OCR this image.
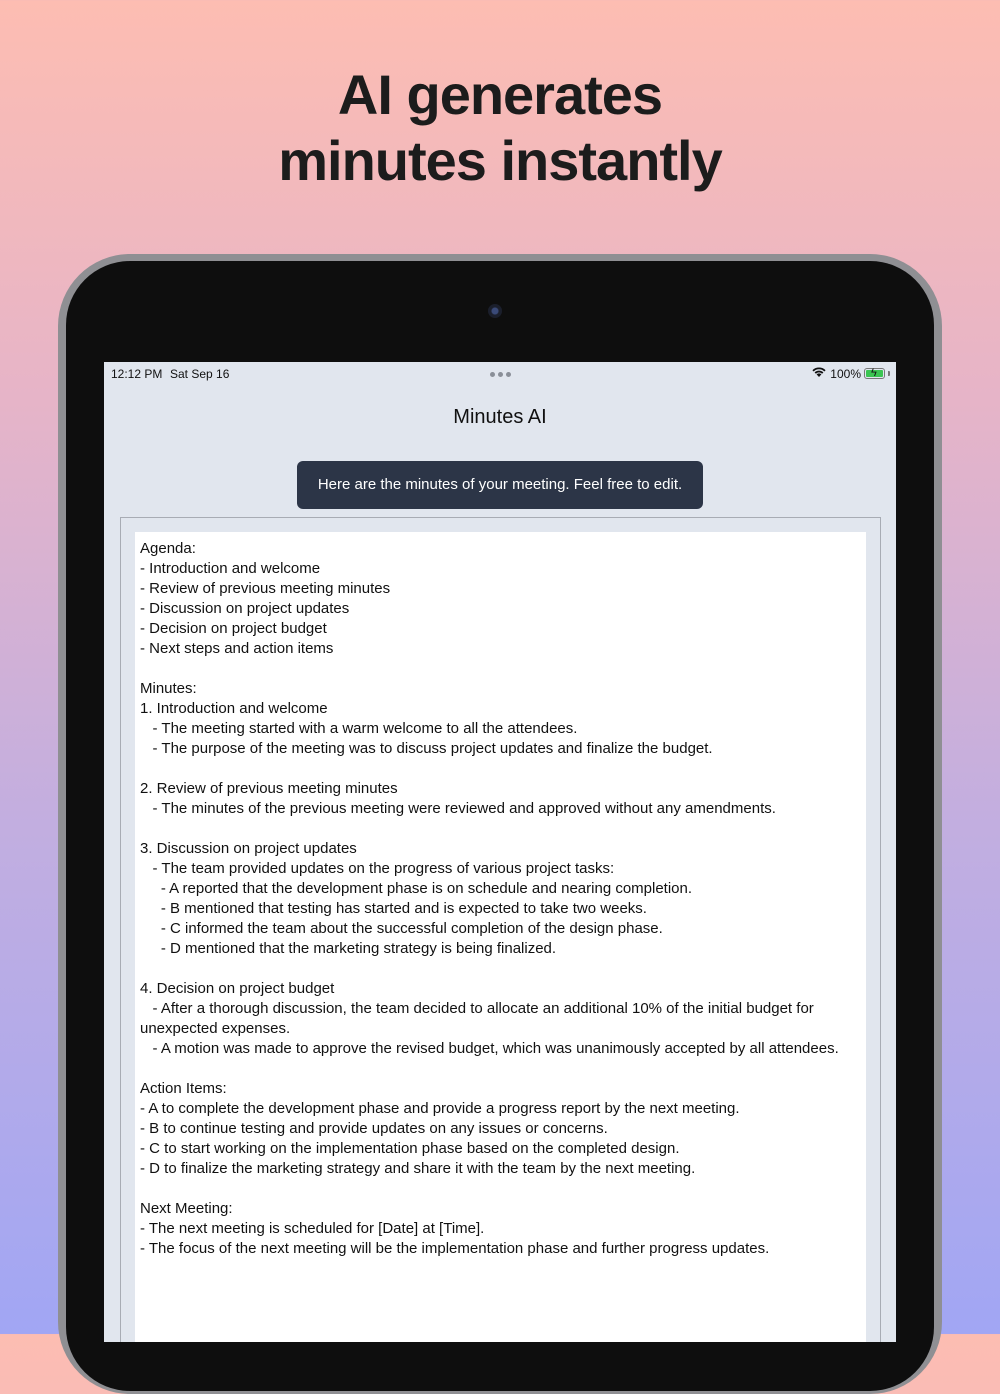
AI generates
minutes instantly
12:12 PM Sat Sep 16	100% ϟ
Minutes AI
Here are the minutes of your meeting. Feel free to edit.
Agenda:
- Introduction and welcome
- Review of previous meeting minutes
- Discussion on project updates
- Decision on project budget
- Next steps and action items

Minutes:
1. Introduction and welcome
- The meeting started with a warm welcome to all the attendees.
- The purpose of the meeting was to discuss project updates and finalize the budget.

2. Review of previous meeting minutes
- The minutes of the previous meeting were reviewed and approved without any amendments.

3. Discussion on project updates
- The team provided updates on the progress of various project tasks:
- A reported that the development phase is on schedule and nearing completion.
- B mentioned that testing has started and is expected to take two weeks.
- C informed the team about the successful completion of the design phase.
- D mentioned that the marketing strategy is being finalized.

4. Decision on project budget
- After a thorough discussion, the team decided to allocate an additional 10% of the initial budget for unexpected expenses.
- A motion was made to approve the revised budget, which was unanimously accepted by all attendees.

Action Items:
- A to complete the development phase and provide a progress report by the next meeting.
- B to continue testing and provide updates on any issues or concerns.
- C to start working on the implementation phase based on the completed design.
- D to finalize the marketing strategy and share it with the team by the next meeting.

Next Meeting:
- The next meeting is scheduled for [Date] at [Time].
- The focus of the next meeting will be the implementation phase and further progress updates.
